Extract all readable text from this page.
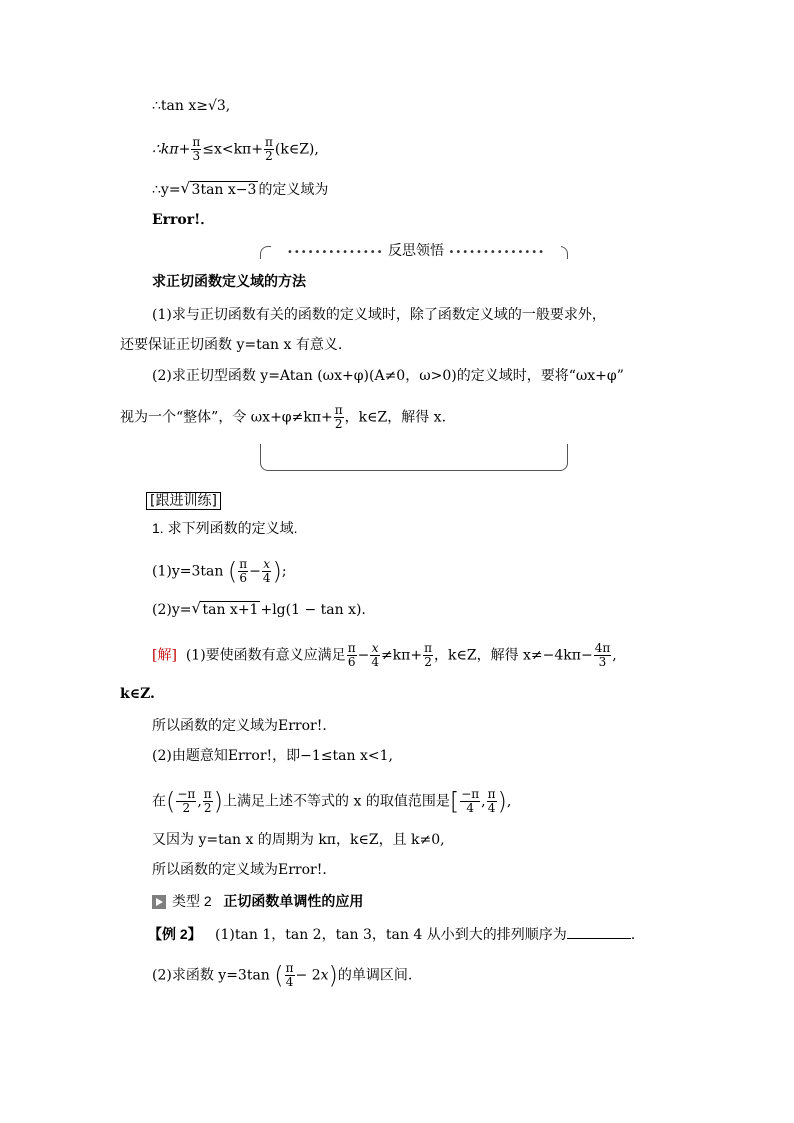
∴tan x≥√3,
∴kπ+ $\frac{\pi}{3} \le x<k\pi+ \frac{\pi}{2}$ (k∈Z),
∴y= √ 3tan x−3 的定义域为
Error!．
•••••••••••••• 反思领悟 ••••••••••••••
求正切函数定义域的方法
(1)求与正切函数有关的函数的定义域时，除了函数定义域的一般要求外，
还要保证正切函数 y=tan x 有意义.
(2)求正切型函数 y=Atan (ωx+φ)(A≠0，ω>0)的定义域时，要将“ωx+φ”
视为一个“整体”，令 $\omega x+\varphi\ne k\pi+ \frac{\pi}{2}$ ，k∈Z，解得 x.
[跟进训练]
1. 求下列函数的定义域.
(1)y=3tan ( $\frac{\pi}{6} - \frac{x}{4}$ );
(2)y= √ tan x+1 +lg(1 − tan x).
[解] (1)要使函数有意义应满足 $\frac{\pi}{6} - \frac{x}{4} \ne k\pi+ \frac{\pi}{2}$ ，k∈Z，解得 $x\ne-4k\pi- \frac{4\pi}{3}$ ,
k∈Z.
所以函数的定义域为Error!．
(2)由题意知Error!，即−1≤tan x<1,
在( $\frac{-\pi}{2}$ , $\frac{\pi}{2}$ )上满足上述不等式的 x 的取值范围是[ $\frac{-\pi}{4}$ , $\frac{\pi}{4}$ ),
又因为 y=tan x 的周期为 kπ，k∈Z，且 k≠0,
所以函数的定义域为Error!．
类型 2 正切函数单调性的应用
【例 2】 (1)tan 1，tan 2，tan 3，tan 4 从小到大的排列顺序为	.
(2)求函数 y=3tan ( $\frac{\pi}{4} - 2x$)的单调区间.
